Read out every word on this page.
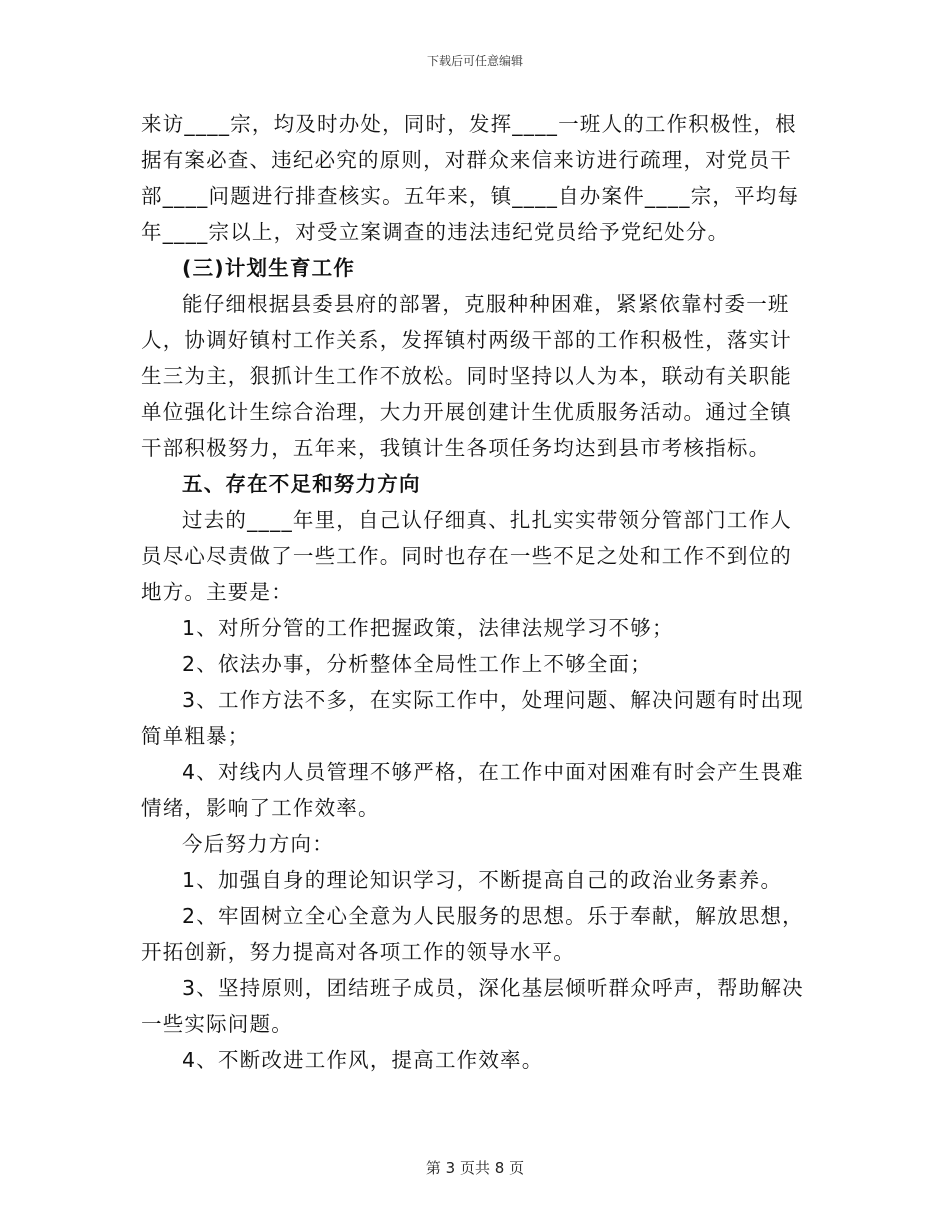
下载后可任意编辑

来访____宗，均及时办处，同时，发挥____一班人的工作积极性，根据有案必查、违纪必究的原则，对群众来信来访进行疏理，对党员干部____问题进行排查核实。五年来，镇____自办案件____宗，平均每年____宗以上，对受立案调查的违法违纪党员给予党纪处分。

(三)计划生育工作

能仔细根据县委县府的部署，克服种种困难，紧紧依靠村委一班人，协调好镇村工作关系，发挥镇村两级干部的工作积极性，落实计生三为主，狠抓计生工作不放松。同时坚持以人为本，联动有关职能单位强化计生综合治理，大力开展创建计生优质服务活动。通过全镇干部积极努力，五年来，我镇计生各项任务均达到县市考核指标。

五、存在不足和努力方向

过去的____年里，自己认仔细真、扎扎实实带领分管部门工作人员尽心尽责做了一些工作。同时也存在一些不足之处和工作不到位的地方。主要是：

1、对所分管的工作把握政策，法律法规学习不够；

2、依法办事，分析整体全局性工作上不够全面；

3、工作方法不多，在实际工作中，处理问题、解决问题有时出现简单粗暴；

4、对线内人员管理不够严格，在工作中面对困难有时会产生畏难情绪，影响了工作效率。

今后努力方向：

1、加强自身的理论知识学习，不断提高自己的政治业务素养。

2、牢固树立全心全意为人民服务的思想。乐于奉献，解放思想，开拓创新，努力提高对各项工作的领导水平。

3、坚持原则，团结班子成员，深化基层倾听群众呼声，帮助解决一些实际问题。

4、不断改进工作风，提高工作效率。

第 3 页共 8 页
